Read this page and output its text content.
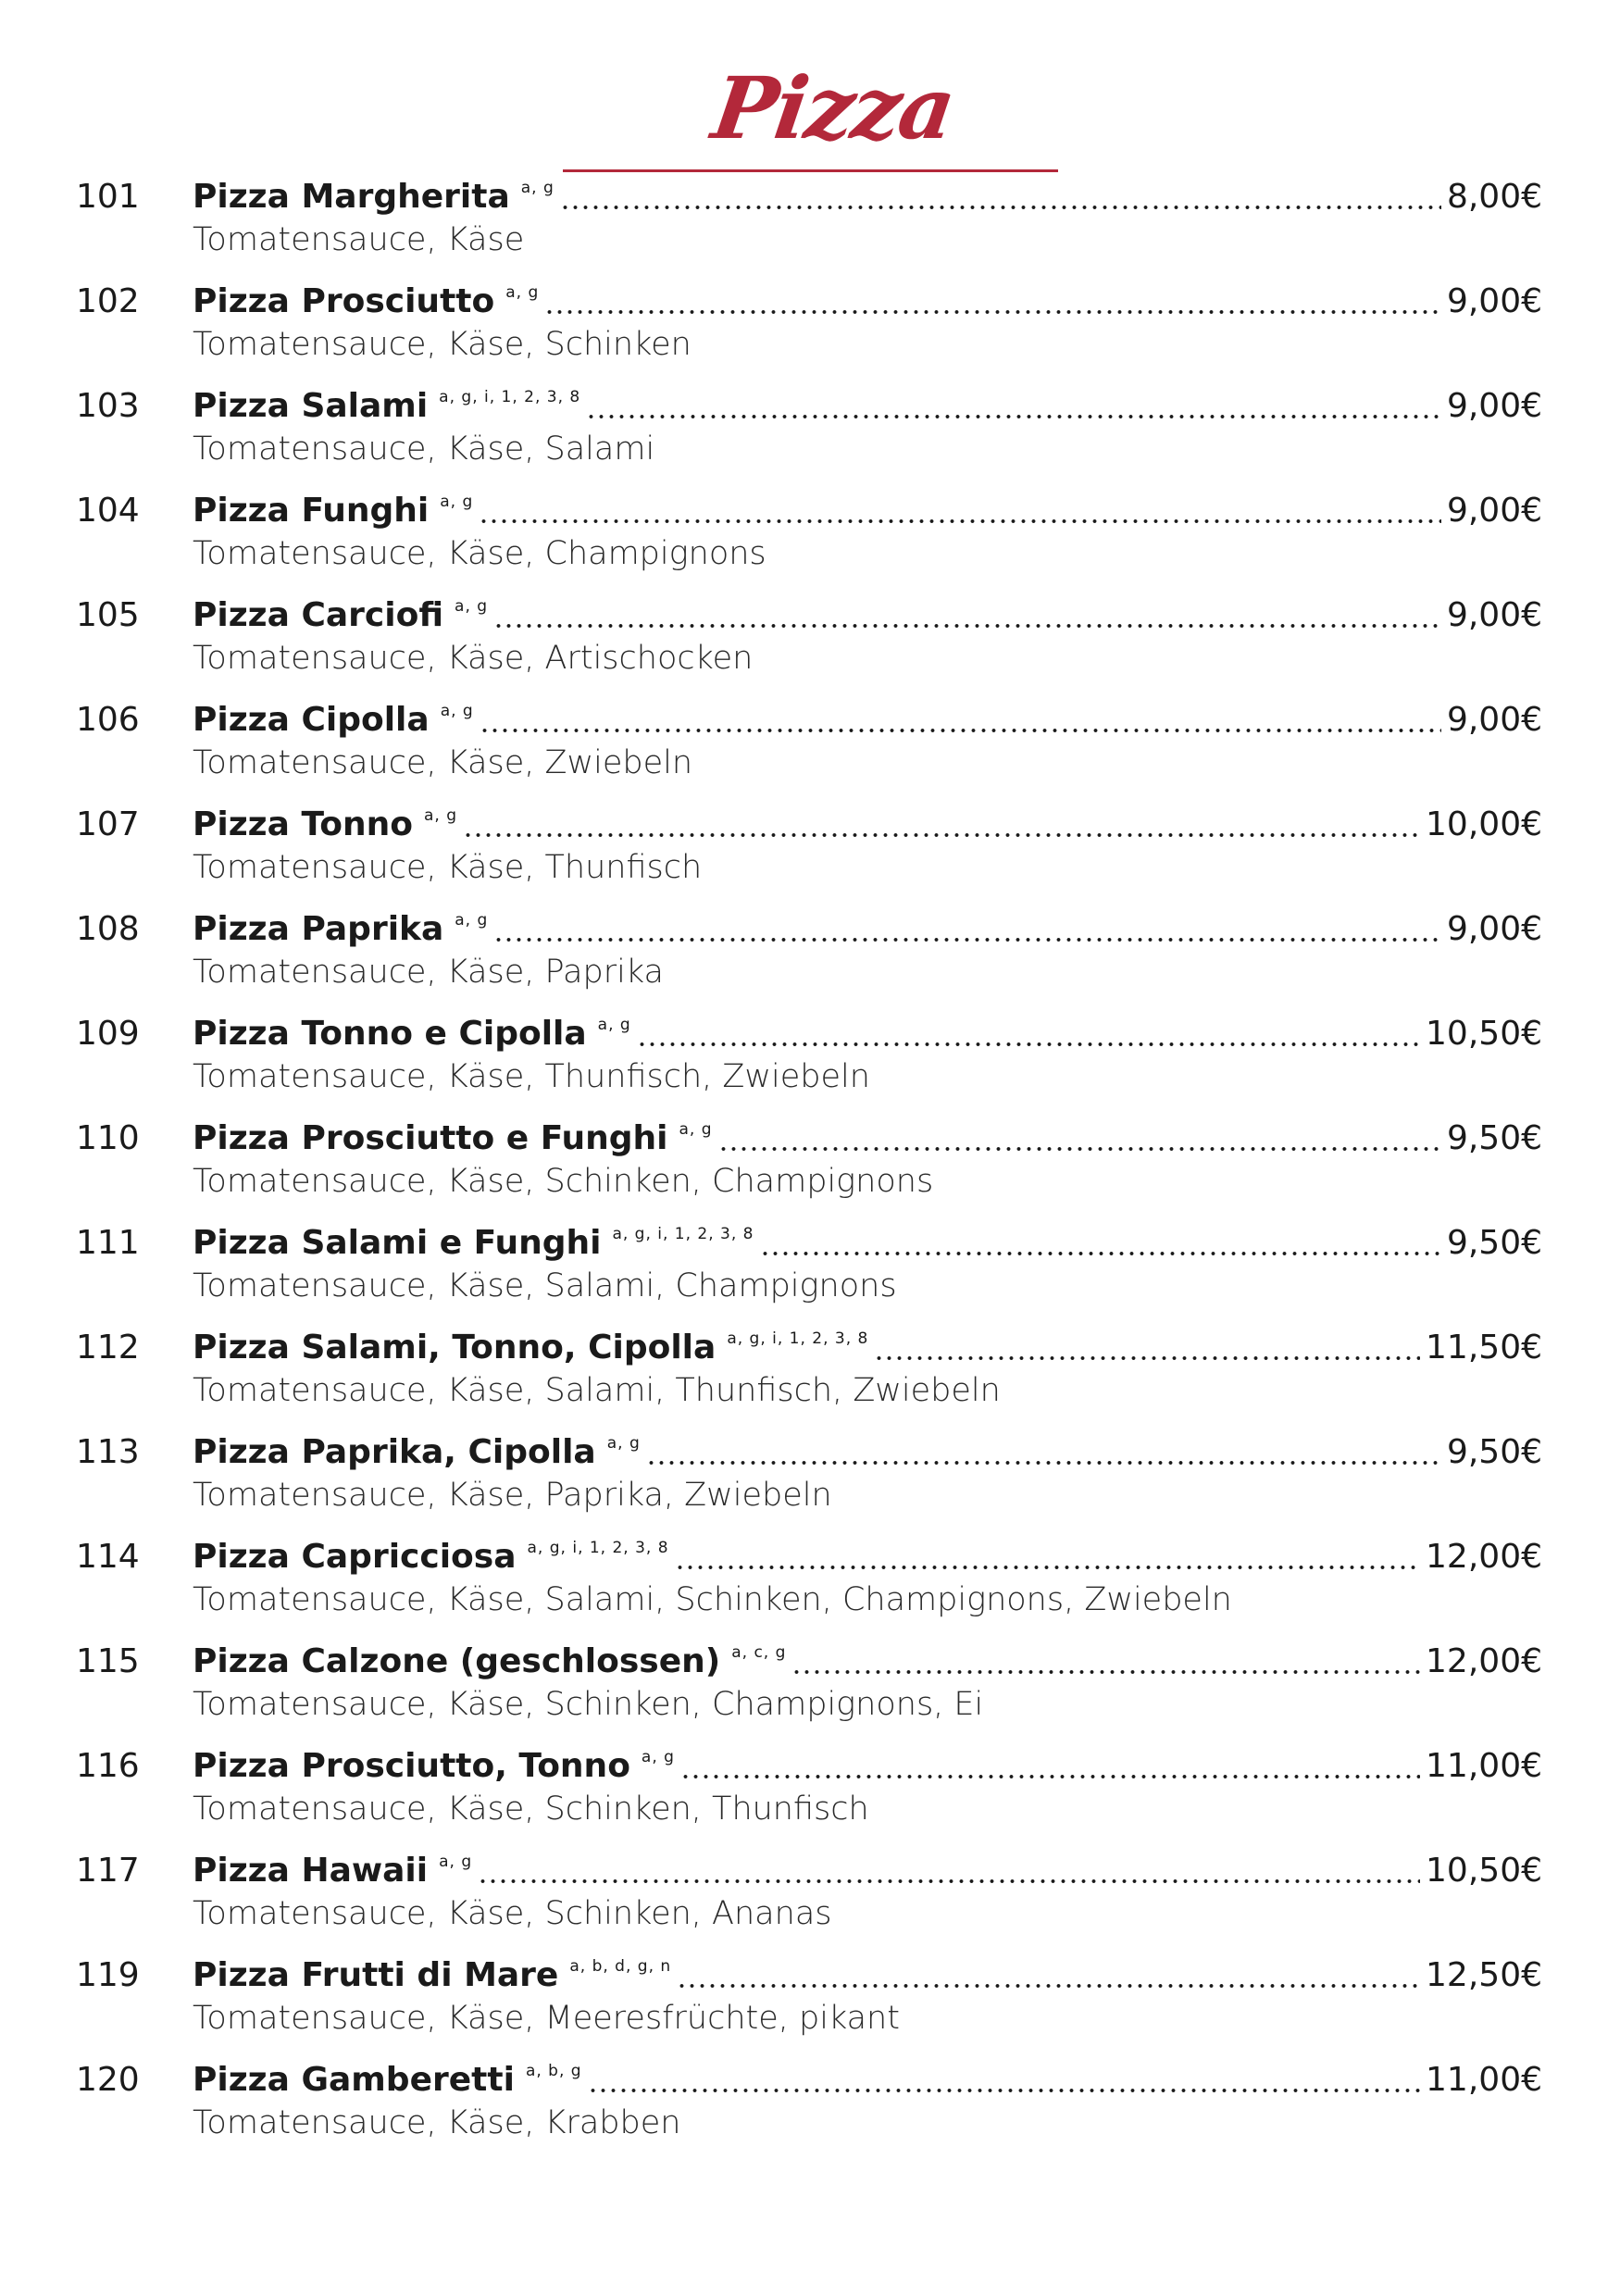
Pizza
101 Pizza Margherita a, g	8,00€
Tomatensauce, Käse
102 Pizza Prosciutto a, g	9,00€
Tomatensauce, Käse, Schinken
103 Pizza Salami a, g, i, 1, 2, 3, 8	9,00€
Tomatensauce, Käse, Salami
104 Pizza Funghi a, g	9,00€
Tomatensauce, Käse, Champignons
105 Pizza Carciofi a, g	9,00€
Tomatensauce, Käse, Artischocken
106 Pizza Cipolla a, g	9,00€
Tomatensauce, Käse, Zwiebeln
107 Pizza Tonno a, g	10,00€
Tomatensauce, Käse, Thunfisch
108 Pizza Paprika a, g	9,00€
Tomatensauce, Käse, Paprika
109 Pizza Tonno e Cipolla a, g	10,50€
Tomatensauce, Käse, Thunfisch, Zwiebeln
110 Pizza Prosciutto e Funghi a, g	9,50€
Tomatensauce, Käse, Schinken, Champignons
111 Pizza Salami e Funghi a, g, i, 1, 2, 3, 8	9,50€
Tomatensauce, Käse, Salami, Champignons
112 Pizza Salami, Tonno, Cipolla a, g, i, 1, 2, 3, 8	11,50€
Tomatensauce, Käse, Salami, Thunfisch, Zwiebeln
113 Pizza Paprika, Cipolla a, g	9,50€
Tomatensauce, Käse, Paprika, Zwiebeln
114 Pizza Capricciosa a, g, i, 1, 2, 3, 8	12,00€
Tomatensauce, Käse, Salami, Schinken, Champignons, Zwiebeln
115 Pizza Calzone (geschlossen) a, c, g	12,00€
Tomatensauce, Käse, Schinken, Champignons, Ei
116 Pizza Prosciutto, Tonno a, g	11,00€
Tomatensauce, Käse, Schinken, Thunfisch
117 Pizza Hawaii a, g	10,50€
Tomatensauce, Käse, Schinken, Ananas
119 Pizza Frutti di Mare a, b, d, g, n	12,50€
Tomatensauce, Käse, Meeresfrüchte, pikant
120 Pizza Gamberetti a, b, g	11,00€
Tomatensauce, Käse, Krabben
